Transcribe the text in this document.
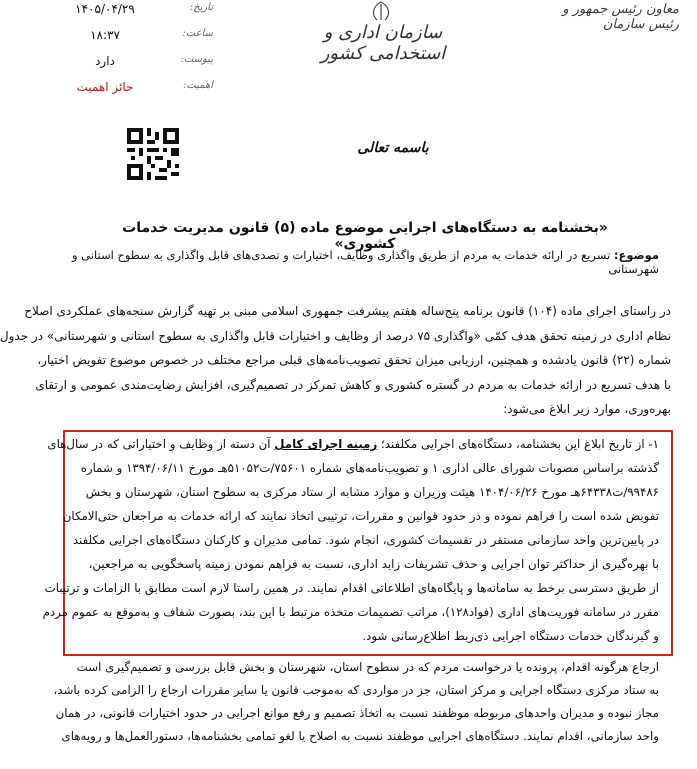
معاون رئیس جمهور و رئیس سازمان
سازمان اداری و استخدامی کشور
۱۴۰۵/۰۴/۲۹	تاریخ:
۱۸:۳۷	ساعت:
دارد	پیوست:
حائز اهمیت	اهمیت:
باسمه تعالی
«بخشنامه به دستگاه‌های اجرایی موضوع ماده (۵) قانون مدیریت خدمات کشوری»
موضوع: تسریع در ارائه خدمات به مردم از طریق واگذاری وظایف، اختیارات و تصدی‌های قابل واگذاری به سطوح استانی و شهرستانی
در راستای اجرای ماده (۱۰۴) قانون برنامه پنج‌ساله هفتم پیشرفت جمهوری اسلامی مبنی بر تهیه گزارش سنجه‌های عملکردی اصلاح
نظام اداری در زمینه تحقق هدف کمّی «واگذاری ۷۵ درصد از وظایف و اختیارات قابل واگذاری به سطوح استانی و شهرستانی» در جدول
شماره (۲۲) قانون یادشده و همچنین، ارزیابی میزان تحقق تصویب‌نامه‌های قبلی مراجع مختلف در خصوص موضوع تفویض اختیار،
با هدف تسریع در ارائه خدمات به مردم در گستره کشوری و کاهش تمرکز در تصمیم‌گیری، افزایش رضایت‌مندی عمومی و ارتقای
بهره‌وری، موارد زیر ابلاغ می‌شود:
۱- از تاریخ ابلاغ این بخشنامه، دستگاه‌های اجرایی مکلفند؛ زمینه اجرای کامل آن دسته از وظایف و اختیاراتی که در سال‌های
گذشته براساس مصوبات شورای عالی اداری ۱ و تصویب‌نامه‌های شماره ۷۵۶۰۱/ت۵۱۰۵۲هـ مورخ ۱۳۹۴/۰۶/۱۱ و شماره
۹۹۴۸۶/ت۶۴۳۳۸هـ مورخ ۱۴۰۴/۰۶/۲۶ هیئت وزیران و موارد مشابه از ستاد مرکزی به سطوح استان، شهرستان و بخش
تفویض شده است را فراهم نموده و در حدود قوانین و مقررات، ترتیبی اتخاذ نمایند که ارائه خدمات به مراجعان حتی‌الامکان
در پایین‌ترین واحد سازمانی مستقر در تقسیمات کشوری، انجام شود. تمامی مدیران و کارکنان دستگاه‌های اجرایی مکلفند
با بهره‌گیری از حداکثر توان اجرایی و حذف تشریفات زاید اداری، نسبت به فراهم نمودن زمینه پاسخگویی به مراجعین،
از طریق دسترسی برخط به سامانه‌ها و پایگاه‌های اطلاعاتی اقدام نمایند. در همین راستا لازم است مطابق با الزامات و ترتیبات
مقرر در سامانه فوریت‌های اداری (فواد۱۲۸)، مراتب تصمیمات متخذه مرتبط با این بند، بصورت شفاف و به‌موقع به عموم مردم
و گیرندگان خدمات دستگاه اجرایی ذی‌ربط اطلاع‌رسانی شود.
ارجاع هرگونه اقدام، پرونده یا درخواست مردم که در سطوح استان، شهرستان و بخش قابل بررسی و تصمیم‌گیری است
به ستاد مرکزی دستگاه اجرایی و مرکز استان، جز در مواردی که به‌موجب قانون یا سایر مقررات ارجاع را الزامی کرده باشد،
مجاز نبوده و مدیران واحدهای مربوطه موظفند نسبت به اتخاذ تصمیم و رفع موانع اجرایی در حدود اختیارات قانونی، در همان
واحد سازمانی، اقدام نمایند. دستگاه‌های اجرایی موظفند نسبت به اصلاح یا لغو تمامی بخشنامه‌ها، دستورالعمل‌ها و رویه‌های
